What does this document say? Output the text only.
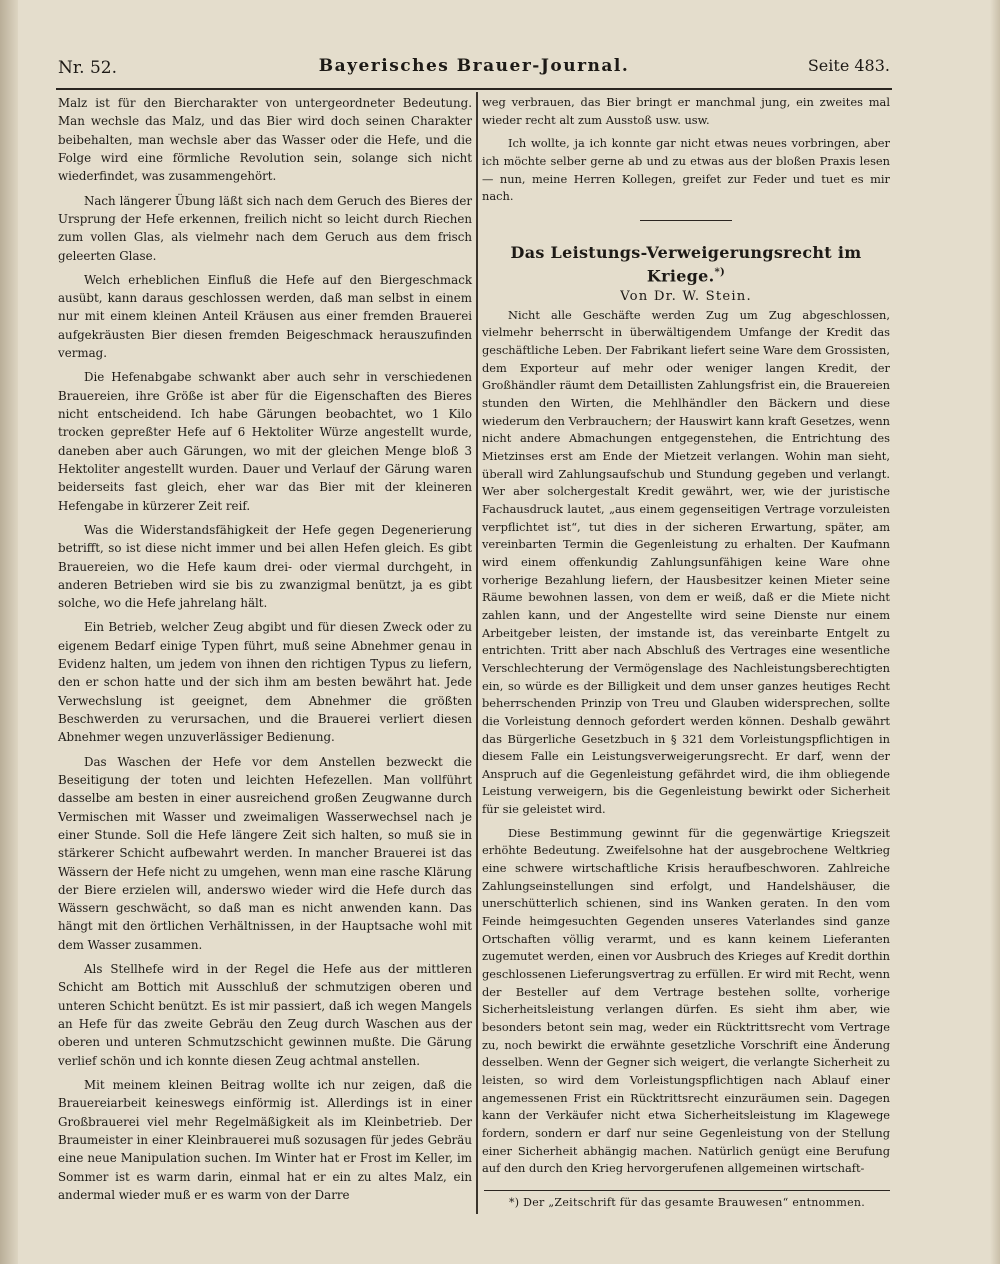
Nr. 52.	Bayerisches Brauer-Journal.	Seite 483.

Malz ist für den Biercharakter von untergeordneter Bedeutung. Man wechsle das Malz, und das Bier wird doch seinen Charakter beibehalten, man wechsle aber das Wasser oder die Hefe, und die Folge wird eine förmliche Revolution sein, solange sich nicht wiederfindet, was zusammengehört.

Nach längerer Übung läßt sich nach dem Geruch des Bieres der Ursprung der Hefe erkennen, freilich nicht so leicht durch Riechen zum vollen Glas, als vielmehr nach dem Geruch aus dem frisch geleerten Glase.

Welch erheblichen Einfluß die Hefe auf den Biergeschmack ausübt, kann daraus geschlossen werden, daß man selbst in einem nur mit einem kleinen Anteil Kräusen aus einer fremden Brauerei aufgekräusten Bier diesen fremden Beigeschmack herauszufinden vermag.

Die Hefenabgabe schwankt aber auch sehr in verschiedenen Brauereien, ihre Größe ist aber für die Eigenschaften des Bieres nicht entscheidend. Ich habe Gärungen beobachtet, wo 1 Kilo trocken gepreßter Hefe auf 6 Hektoliter Würze angestellt wurde, daneben aber auch Gärungen, wo mit der gleichen Menge bloß 3 Hektoliter angestellt wurden. Dauer und Verlauf der Gärung waren beiderseits fast gleich, eher war das Bier mit der kleineren Hefengabe in kürzerer Zeit reif.

Was die Widerstandsfähigkeit der Hefe gegen Degenerierung betrifft, so ist diese nicht immer und bei allen Hefen gleich. Es gibt Brauereien, wo die Hefe kaum drei- oder viermal durchgeht, in anderen Betrieben wird sie bis zu zwanzigmal benützt, ja es gibt solche, wo die Hefe jahrelang hält.

Ein Betrieb, welcher Zeug abgibt und für diesen Zweck oder zu eigenem Bedarf einige Typen führt, muß seine Abnehmer genau in Evidenz halten, um jedem von ihnen den richtigen Typus zu liefern, den er schon hatte und der sich ihm am besten bewährt hat. Jede Verwechslung ist geeignet, dem Abnehmer die größten Beschwerden zu verursachen, und die Brauerei verliert diesen Abnehmer wegen unzuverlässiger Bedienung.

Das Waschen der Hefe vor dem Anstellen bezweckt die Beseitigung der toten und leichten Hefezellen. Man vollführt dasselbe am besten in einer ausreichend großen Zeugwanne durch Vermischen mit Wasser und zweimaligen Wasserwechsel nach je einer Stunde. Soll die Hefe längere Zeit sich halten, so muß sie in stärkerer Schicht aufbewahrt werden. In mancher Brauerei ist das Wässern der Hefe nicht zu umgehen, wenn man eine rasche Klärung der Biere erzielen will, anderswo wieder wird die Hefe durch das Wässern geschwächt, so daß man es nicht anwenden kann. Das hängt mit den örtlichen Verhältnissen, in der Hauptsache wohl mit dem Wasser zusammen.

Als Stellhefe wird in der Regel die Hefe aus der mittleren Schicht am Bottich mit Ausschluß der schmutzigen oberen und unteren Schicht benützt. Es ist mir passiert, daß ich wegen Mangels an Hefe für das zweite Gebräu den Zeug durch Waschen aus der oberen und unteren Schmutzschicht gewinnen mußte. Die Gärung verlief schön und ich konnte diesen Zeug achtmal anstellen.

Mit meinem kleinen Beitrag wollte ich nur zeigen, daß die Brauereiarbeit keineswegs einförmig ist. Allerdings ist in einer Großbrauerei viel mehr Regelmäßigkeit als im Kleinbetrieb. Der Braumeister in einer Kleinbrauerei muß sozusagen für jedes Gebräu eine neue Manipulation suchen. Im Winter hat er Frost im Keller, im Sommer ist es warm darin, einmal hat er ein zu altes Malz, ein andermal wieder muß er es warm von der Darre

weg verbrauen, das Bier bringt er manchmal jung, ein zweites mal wieder recht alt zum Ausstoß usw. usw.

Ich wollte, ja ich konnte gar nicht etwas neues vorbringen, aber ich möchte selber gerne ab und zu etwas aus der bloßen Praxis lesen — nun, meine Herren Kollegen, greifet zur Feder und tuet es mir nach.

Das Leistungs-Verweigerungsrecht im Kriege.*)
Von Dr. W. Stein.

Nicht alle Geschäfte werden Zug um Zug abgeschlossen, vielmehr beherrscht in überwältigendem Umfange der Kredit das geschäftliche Leben. Der Fabrikant liefert seine Ware dem Grossisten, dem Exporteur auf mehr oder weniger langen Kredit, der Großhändler räumt dem Detaillisten Zahlungsfrist ein, die Brauereien stunden den Wirten, die Mehlhändler den Bäckern und diese wiederum den Verbrauchern; der Hauswirt kann kraft Gesetzes, wenn nicht andere Abmachungen entgegenstehen, die Entrichtung des Mietzinses erst am Ende der Mietzeit verlangen. Wohin man sieht, überall wird Zahlungsaufschub und Stundung gegeben und verlangt. Wer aber solchergestalt Kredit gewährt, wer, wie der juristische Fachausdruck lautet, „aus einem gegenseitigen Vertrage vorzuleisten verpflichtet ist“, tut dies in der sicheren Erwartung, später, am vereinbarten Termin die Gegenleistung zu erhalten. Der Kaufmann wird einem offenkundig Zahlungsunfähigen keine Ware ohne vorherige Bezahlung liefern, der Hausbesitzer keinen Mieter seine Räume bewohnen lassen, von dem er weiß, daß er die Miete nicht zahlen kann, und der Angestellte wird seine Dienste nur einem Arbeitgeber leisten, der imstande ist, das vereinbarte Entgelt zu entrichten. Tritt aber nach Abschluß des Vertrages eine wesentliche Verschlechterung der Vermögenslage des Nachleistungsberechtigten ein, so würde es der Billigkeit und dem unser ganzes heutiges Recht beherrschenden Prinzip von Treu und Glauben widersprechen, sollte die Vorleistung dennoch gefordert werden können. Deshalb gewährt das Bürgerliche Gesetzbuch in § 321 dem Vorleistungspflichtigen in diesem Falle ein Leistungsverweigerungsrecht. Er darf, wenn der Anspruch auf die Gegenleistung gefährdet wird, die ihm obliegende Leistung verweigern, bis die Gegenleistung bewirkt oder Sicherheit für sie geleistet wird.

Diese Bestimmung gewinnt für die gegenwärtige Kriegszeit erhöhte Bedeutung. Zweifelsohne hat der ausgebrochene Weltkrieg eine schwere wirtschaftliche Krisis heraufbeschworen. Zahlreiche Zahlungseinstellungen sind erfolgt, und Handelshäuser, die unerschütterlich schienen, sind ins Wanken geraten. In den vom Feinde heimgesuchten Gegenden unseres Vaterlandes sind ganze Ortschaften völlig verarmt, und es kann keinem Lieferanten zugemutet werden, einen vor Ausbruch des Krieges auf Kredit dorthin geschlossenen Lieferungsvertrag zu erfüllen. Er wird mit Recht, wenn der Besteller auf dem Vertrage bestehen sollte, vorherige Sicherheitsleistung verlangen dürfen. Es sieht ihm aber, wie besonders betont sein mag, weder ein Rücktrittsrecht vom Vertrage zu, noch bewirkt die erwähnte gesetzliche Vorschrift eine Änderung desselben. Wenn der Gegner sich weigert, die verlangte Sicherheit zu leisten, so wird dem Vorleistungspflichtigen nach Ablauf einer angemessenen Frist ein Rücktrittsrecht einzuräumen sein. Dagegen kann der Verkäufer nicht etwa Sicherheitsleistung im Klagewege fordern, sondern er darf nur seine Gegenleistung von der Stellung einer Sicherheit abhängig machen. Natürlich genügt eine Berufung auf den durch den Krieg hervorgerufenen allgemeinen wirtschaft-

*) Der „Zeitschrift für das gesamte Brauwesen“ entnommen.
